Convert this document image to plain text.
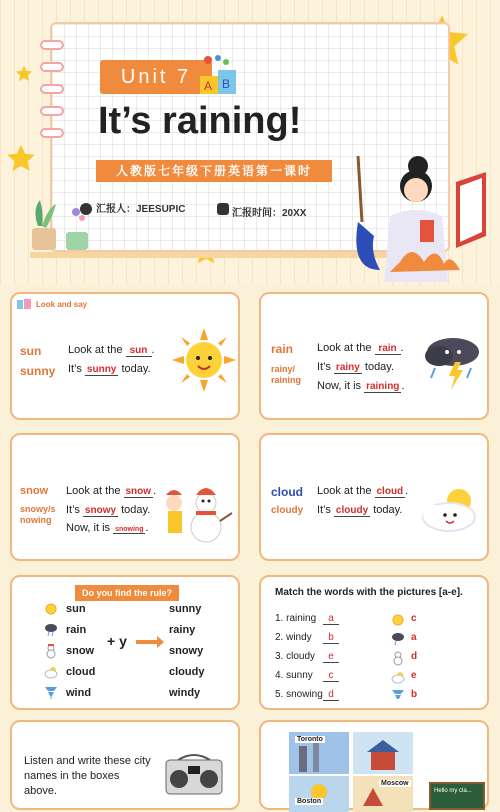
Unit 7	A B
It’s raining!
人教版七年级下册英语第一课时
汇报人：JEESUPIC	汇报时间：20XX
Look and say
sun
sunny
Look at the sun .
It’s sunny today.
rain
rainy/ raining
Look at the rain .
It’s rainy today.
Now, it is raining .
snow
snowy/s nowing
Look at the snow .
It’s snowy today.
Now, it is snowing .
cloud
cloudy
Look at the cloud .
It’s cloudy today.
Do you find the rule?
sun	sunny
rain	rainy
snow	snowy
cloud	cloudy
wind	windy
+ y
Match the words with the pictures [a-e].
1. raining	a	c
2. windy	b	a
3. cloudy	e	d
4. sunny	c	e
5. snowing d	b
Listen and write these city names in the boxes above.
Toronto
Moscow
Boston
Hello my cla...
